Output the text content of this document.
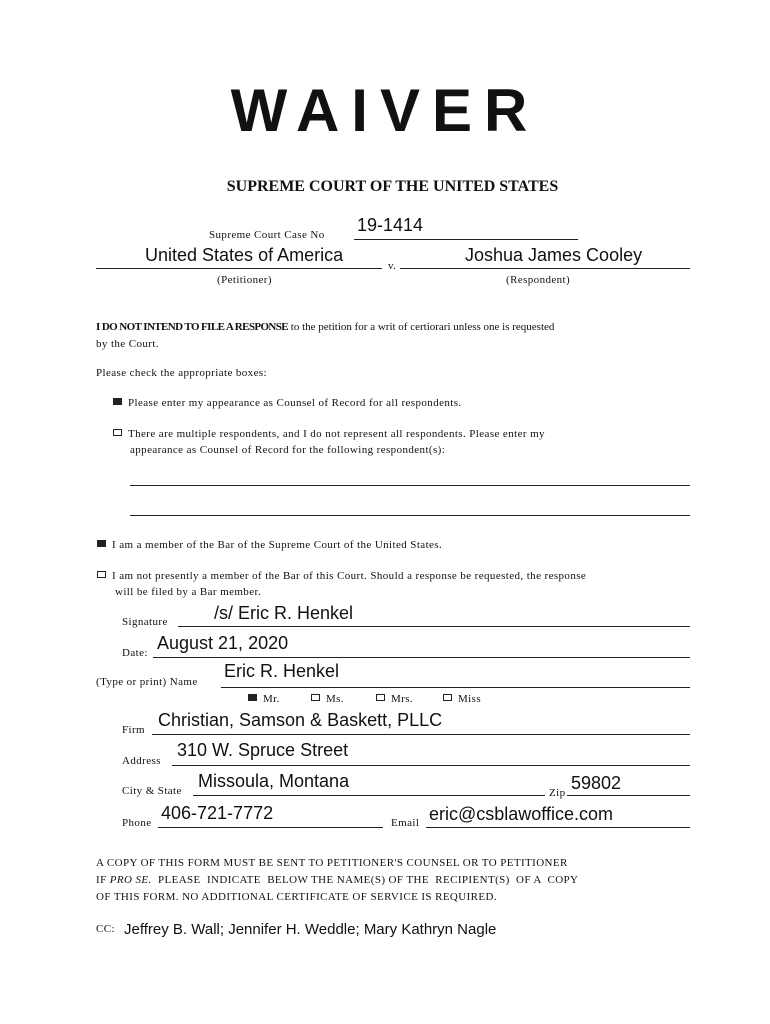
WAIVER
SUPREME COURT OF THE UNITED STATES
Supreme Court Case No 19-1414
United States of America
v.
Joshua James Cooley
(Petitioner)	(Respondent)
I DO NOT INTEND TO FILE A RESPONSE to the petition for a writ of certiorari unless one is requested
by the Court.
Please check the appropriate boxes:
Please enter my appearance as Counsel of Record for all respondents.
There are multiple respondents, and I do not represent all respondents. Please enter my
appearance as Counsel of Record for the following respondent(s):
I am a member of the Bar of the Supreme Court of the United States.
I am not presently a member of the Bar of this Court. Should a response be requested, the response
will be filed by a Bar member.
Signature	/s/ Eric R. Henkel
Date: August 21, 2020
(Type or print) Name
Eric R. Henkel
Mr.	Ms.	Mrs.	Miss
Firm Christian, Samson & Baskett, PLLC
Address
310 W. Spruce Street
City & State Missoula, Montana
Zip 59802
Phone 406-721-7772	Email eric@csblawoffice.com
A COPY OF THIS FORM MUST BE SENT TO PETITIONER'S COUNSEL OR TO PETITIONER
IF PRO SE.  PLEASE  INDICATE  BELOW THE NAME(S) OF THE  RECIPIENT(S)  OF A  COPY
OF THIS FORM. NO ADDITIONAL CERTIFICATE OF SERVICE IS REQUIRED.
CC: Jeffrey B. Wall; Jennifer H. Weddle; Mary Kathryn Nagle
